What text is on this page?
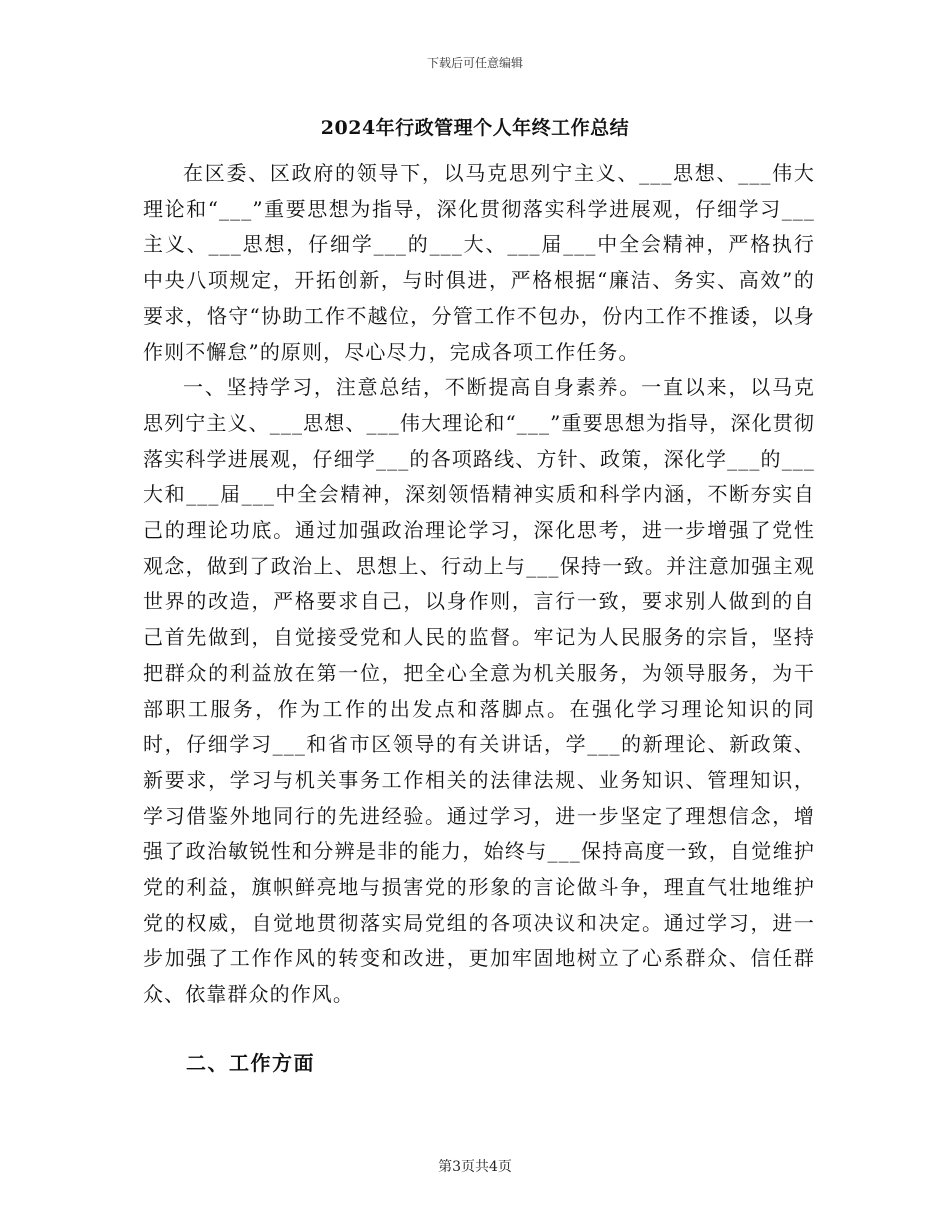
下载后可任意编辑
2024年行政管理个人年终工作总结

在区委、区政府的领导下，以马克思列宁主义、___思想、___伟大理论和“___”重要思想为指导，深化贯彻落实科学进展观，仔细学习___主义、___思想，仔细学___的___大、___届___中全会精神，严格执行中央八项规定，开拓创新，与时俱进，严格根据“廉洁、务实、高效”的要求，恪守“协助工作不越位，分管工作不包办，份内工作不推诿，以身作则不懈怠”的原则，尽心尽力，完成各项工作任务。

一、坚持学习，注意总结，不断提高自身素养。一直以来，以马克思列宁主义、___思想、___伟大理论和“___”重要思想为指导，深化贯彻落实科学进展观，仔细学___的各项路线、方针、政策，深化学___的___大和___届___中全会精神，深刻领悟精神实质和科学内涵，不断夯实自己的理论功底。通过加强政治理论学习，深化思考，进一步增强了党性观念，做到了政治上、思想上、行动上与___保持一致。并注意加强主观世界的改造，严格要求自己，以身作则，言行一致，要求别人做到的自己首先做到，自觉接受党和人民的监督。牢记为人民服务的宗旨，坚持把群众的利益放在第一位，把全心全意为机关服务，为领导服务，为干部职工服务，作为工作的出发点和落脚点。在强化学习理论知识的同时，仔细学习___和省市区领导的有关讲话，学___的新理论、新政策、新要求，学习与机关事务工作相关的法律法规、业务知识、管理知识，学习借鉴外地同行的先进经验。通过学习，进一步坚定了理想信念，增强了政治敏锐性和分辨是非的能力，始终与___保持高度一致，自觉维护党的利益，旗帜鲜亮地与损害党的形象的言论做斗争，理直气壮地维护党的权威，自觉地贯彻落实局党组的各项决议和决定。通过学习，进一步加强了工作作风的转变和改进，更加牢固地树立了心系群众、信任群众、依靠群众的作风。

二、工作方面
第3页共4页
